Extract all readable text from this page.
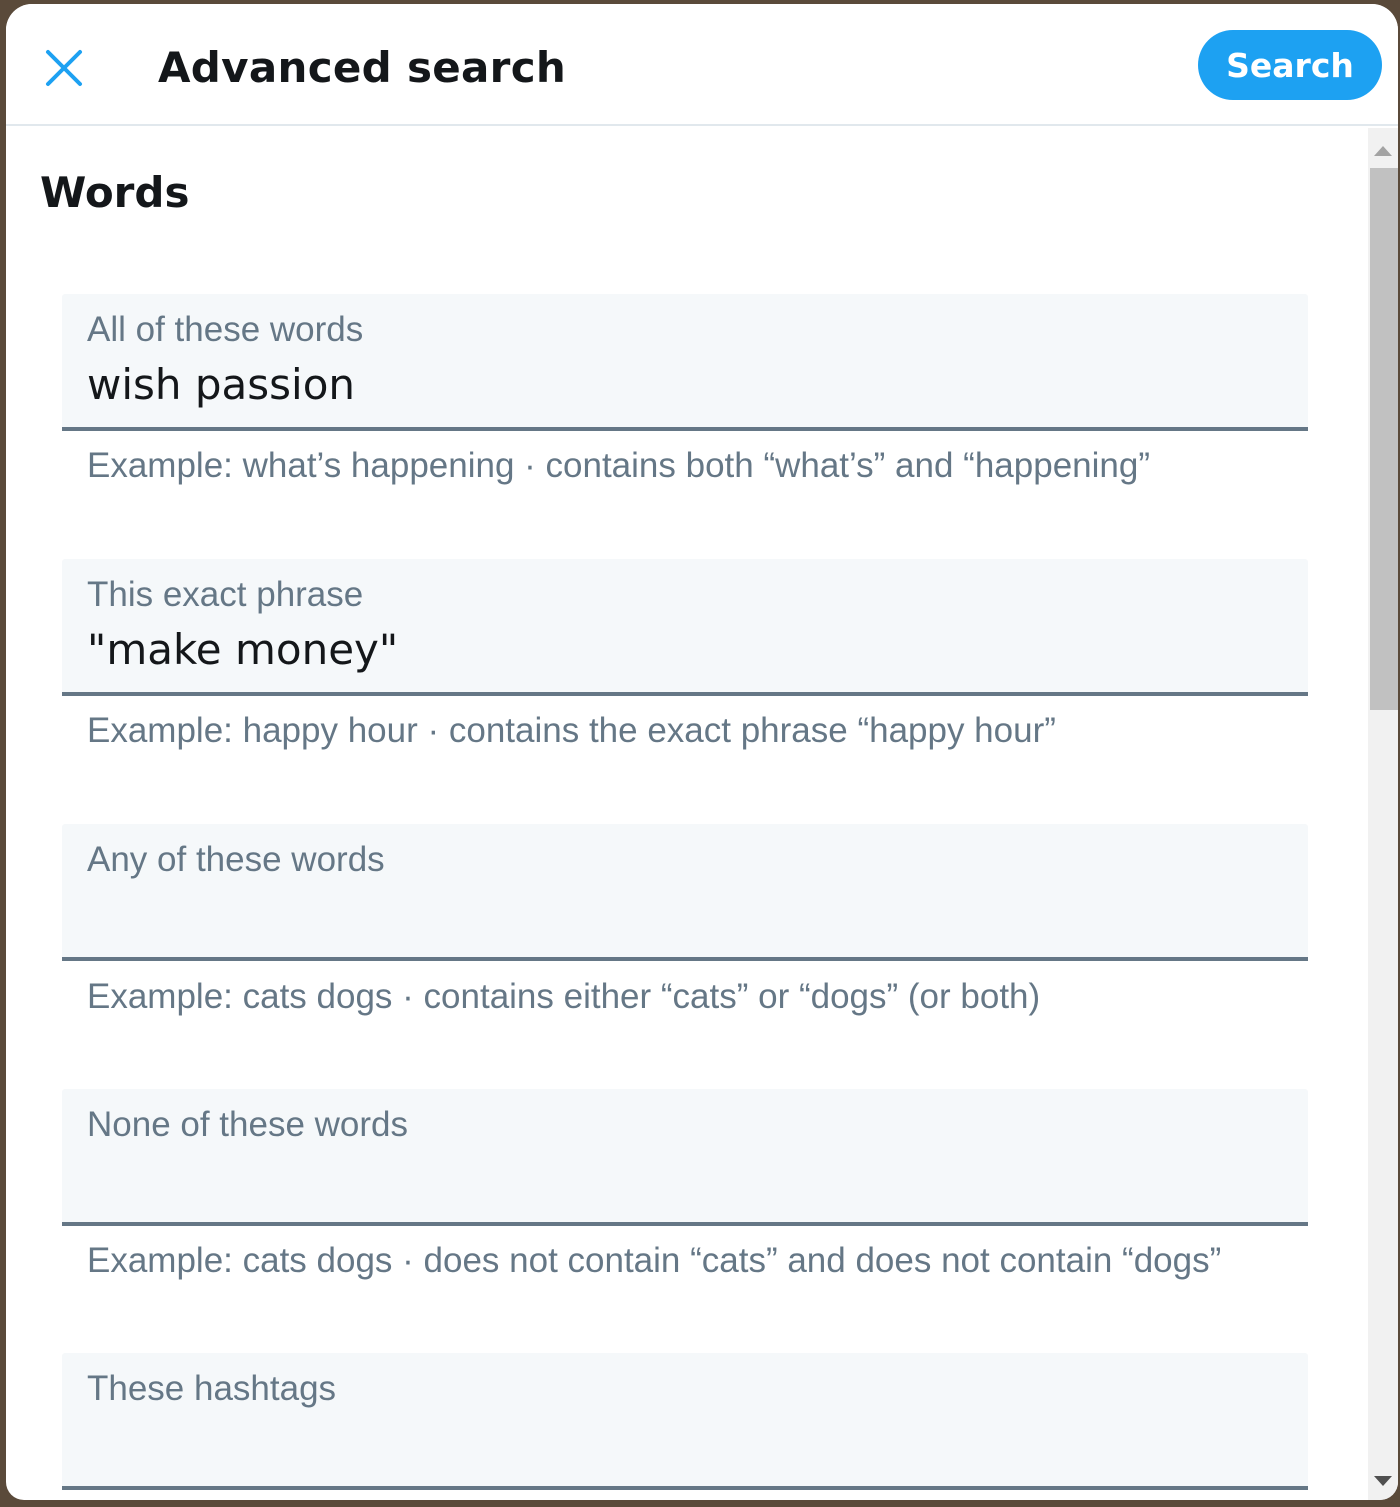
Advanced search	Search
Words
All of these words
wish passion
Example: what’s happening · contains both “what’s” and “happening”
This exact phrase
"make money"
Example: happy hour · contains the exact phrase “happy hour”
Any of these words
Example: cats dogs · contains either “cats” or “dogs” (or both)
None of these words
Example: cats dogs · does not contain “cats” and does not contain “dogs”
These hashtags
